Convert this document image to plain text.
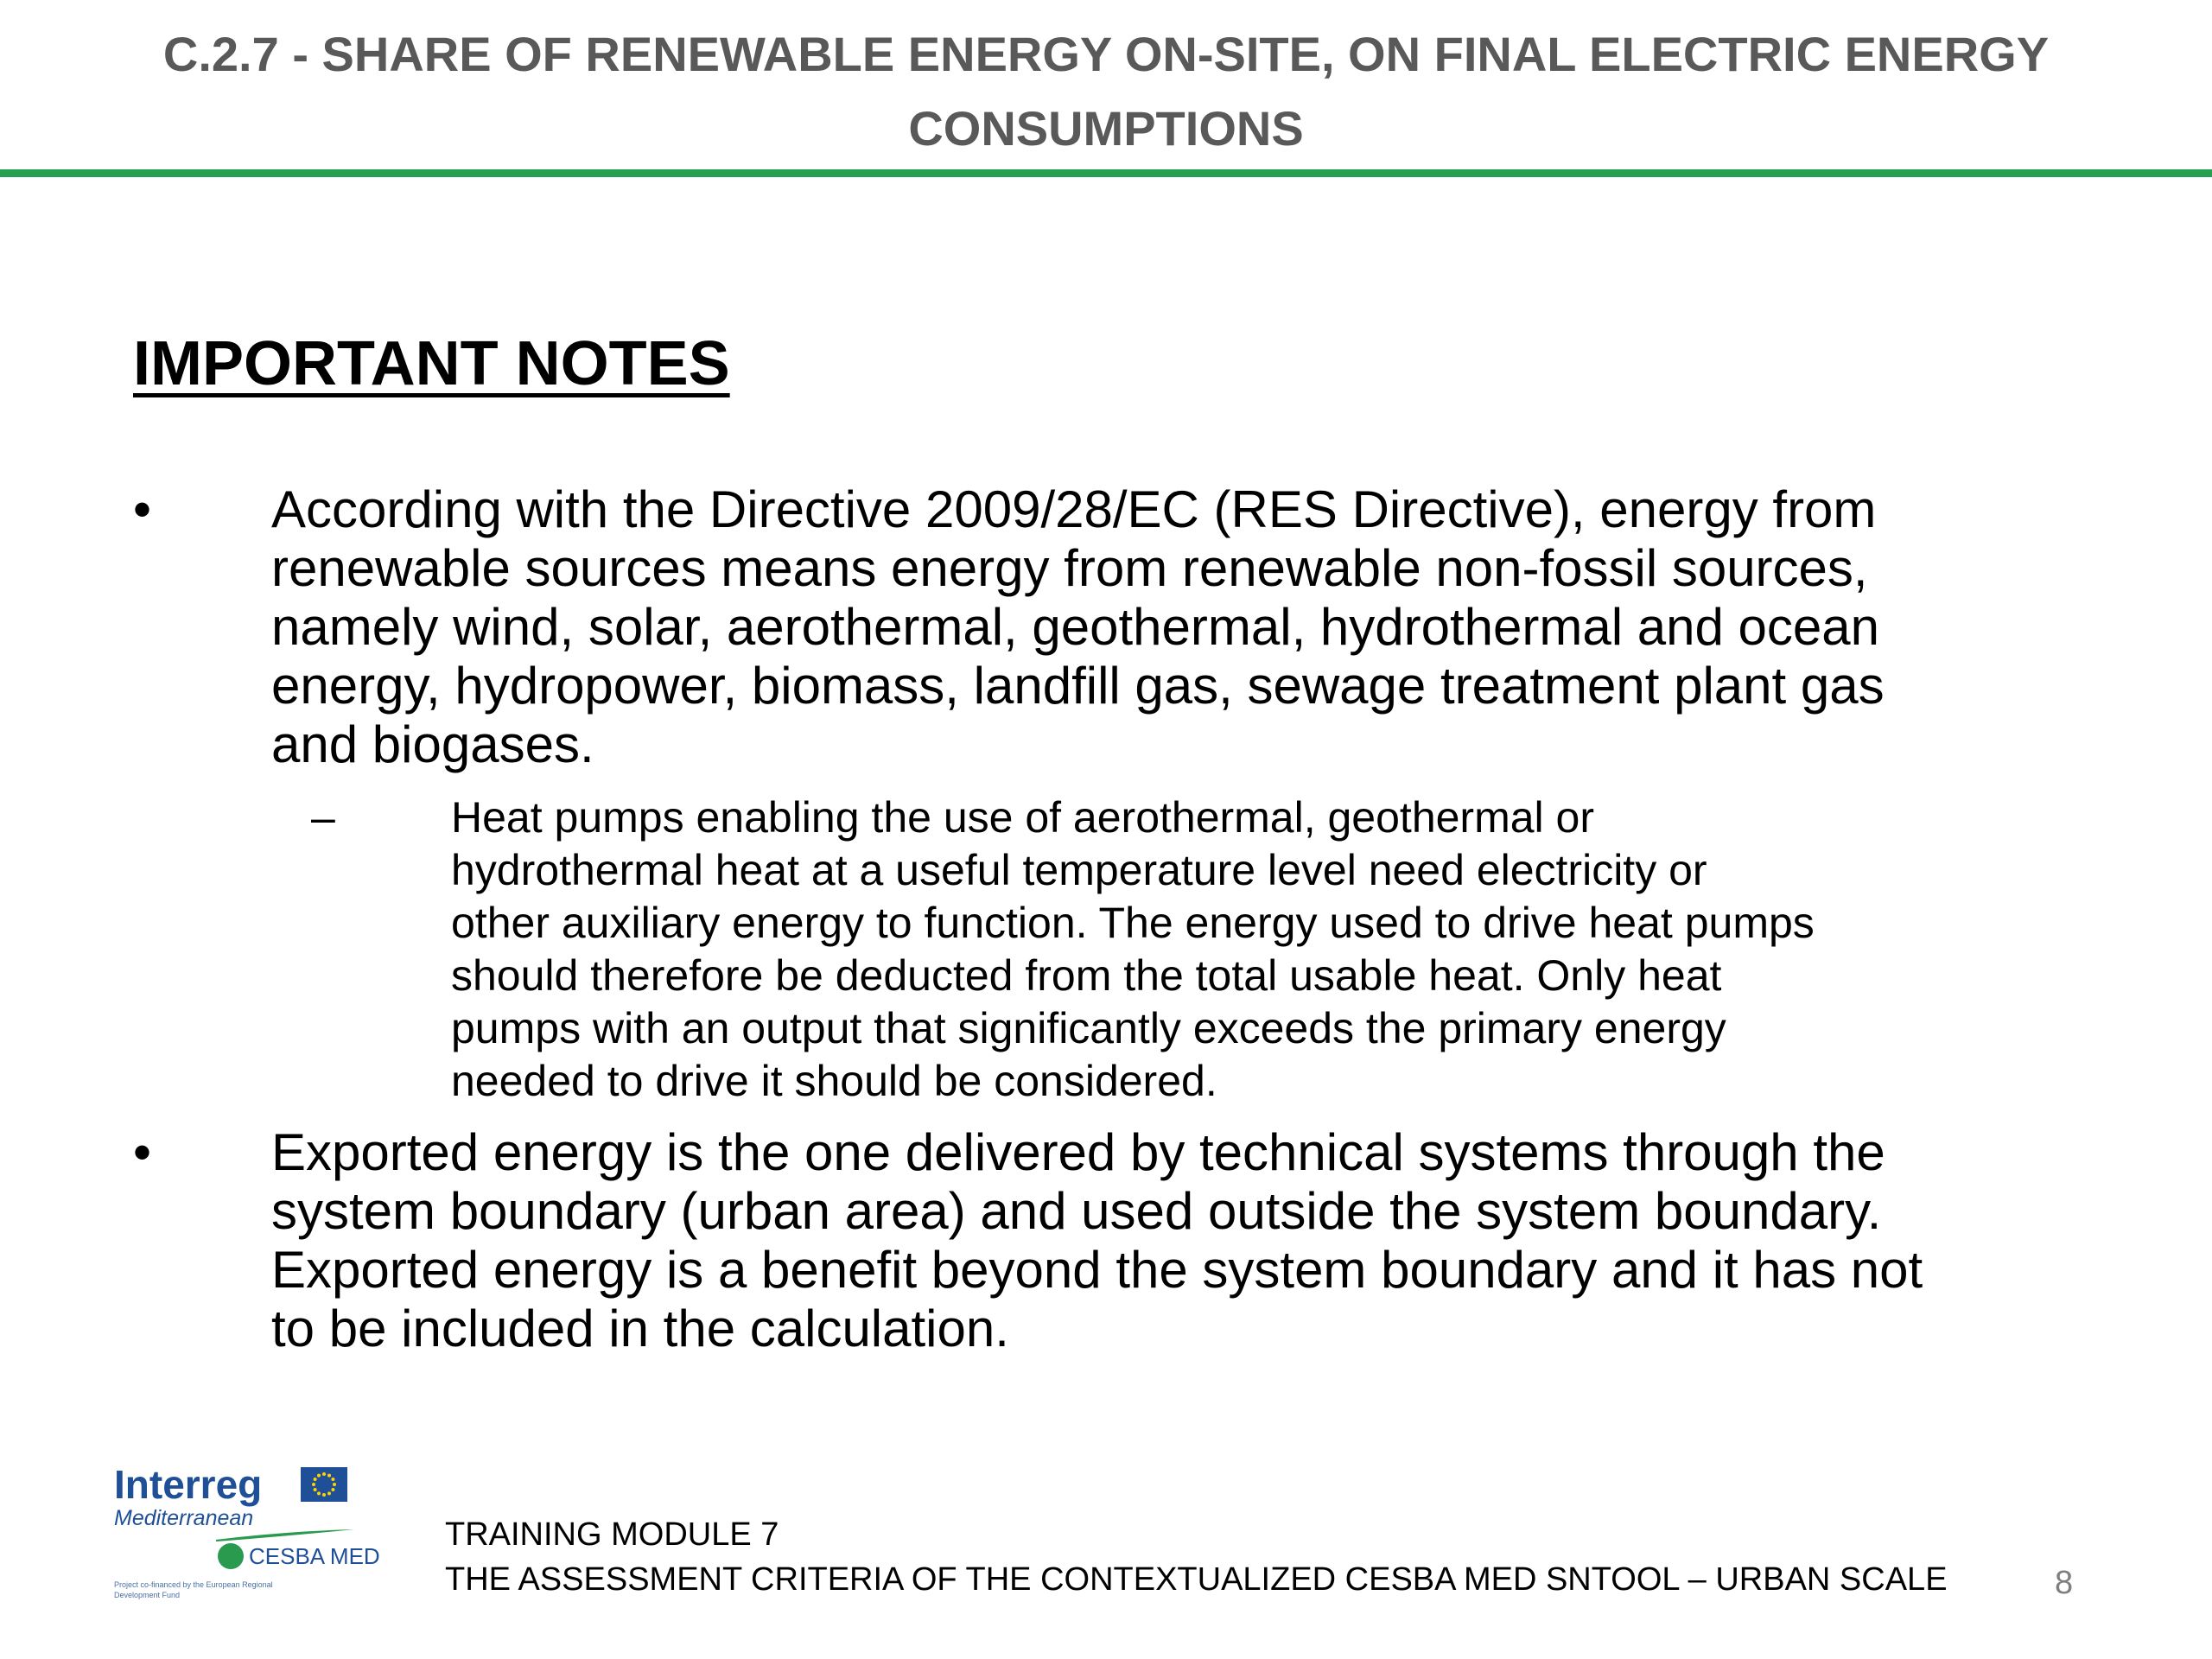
C.2.7 - SHARE OF RENEWABLE ENERGY ON-SITE, ON FINAL ELECTRIC ENERGY
CONSUMPTIONS
IMPORTANT NOTES
• According with the Directive 2009/28/EC (RES Directive), energy from
renewable sources means energy from renewable non-fossil sources,
namely wind, solar, aerothermal, geothermal, hydrothermal and ocean
energy, hydropower, biomass, landfill gas, sewage treatment plant gas
and biogases.
–	Heat pumps enabling the use of aerothermal, geothermal or
hydrothermal heat at a useful temperature level need electricity or
other auxiliary energy to function. The energy used to drive heat pumps
should therefore be deducted from the total usable heat. Only heat
pumps with an output that significantly exceeds the primary energy
needed to drive it should be considered.
• Exported energy is the one delivered by technical systems through the
system boundary (urban area) and used outside the system boundary.
Exported energy is a benefit beyond the system boundary and it has not
to be included in the calculation.
Interreg
Mediterranean
CESBA MED
Project co-financed by the European Regional Development Fund
TRAINING MODULE 7
THE ASSESSMENT CRITERIA OF THE CONTEXTUALIZED CESBA MED SNTOOL – URBAN SCALE	8
